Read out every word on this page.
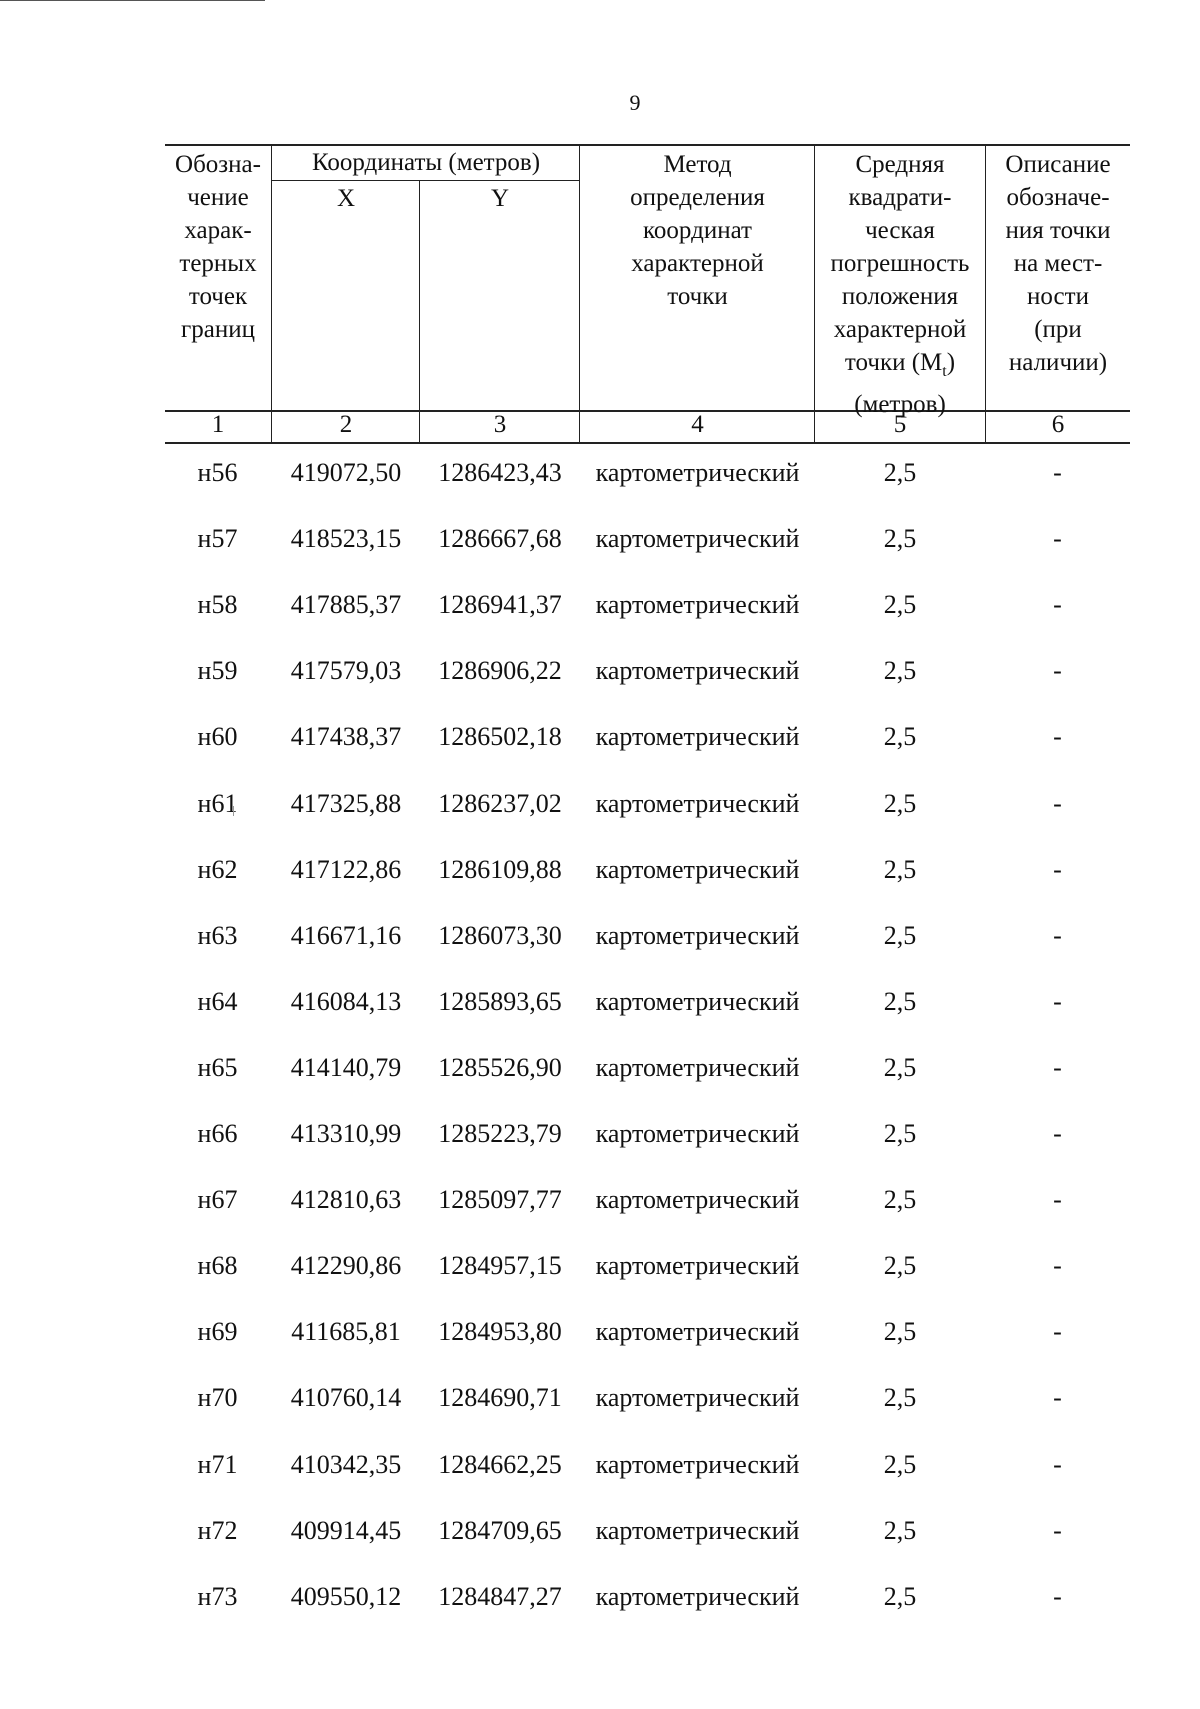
9
Обозна-
чение
харак-
терных
точек
границ
Координаты (метров)
X	Y
Метод
определения
координат
характерной
точки
Средняя
квадрати-
ческая
погрешность
положения
характерной
точки $(M_t)$
(метров)
Описание
обозначе-
ния точки
на мест-
ности
(при
наличии)
1	2	3	4	5	6
н56	419072,50	1286423,43	картометрический	2,5	-
н57	418523,15	1286667,68	картометрический	2,5	-
н58	417885,37	1286941,37	картометрический	2,5	-
н59	417579,03	1286906,22	картометрический	2,5	-
н60	417438,37	1286502,18	картометрический	2,5	-
н61	417325,88	1286237,02	картометрический	2,5	-
н62	417122,86	1286109,88	картометрический	2,5	-
н63	416671,16	1286073,30	картометрический	2,5	-
н64	416084,13	1285893,65	картометрический	2,5	-
н65	414140,79	1285526,90	картометрический	2,5	-
н66	413310,99	1285223,79	картометрический	2,5	-
н67	412810,63	1285097,77	картометрический	2,5	-
н68	412290,86	1284957,15	картометрический	2,5	-
н69	411685,81	1284953,80	картометрический	2,5	-
н70	410760,14	1284690,71	картометрический	2,5	-
н71	410342,35	1284662,25	картометрический	2,5	-
н72	409914,45	1284709,65	картометрический	2,5	-
н73	409550,12	1284847,27	картометрический	2,5	-
